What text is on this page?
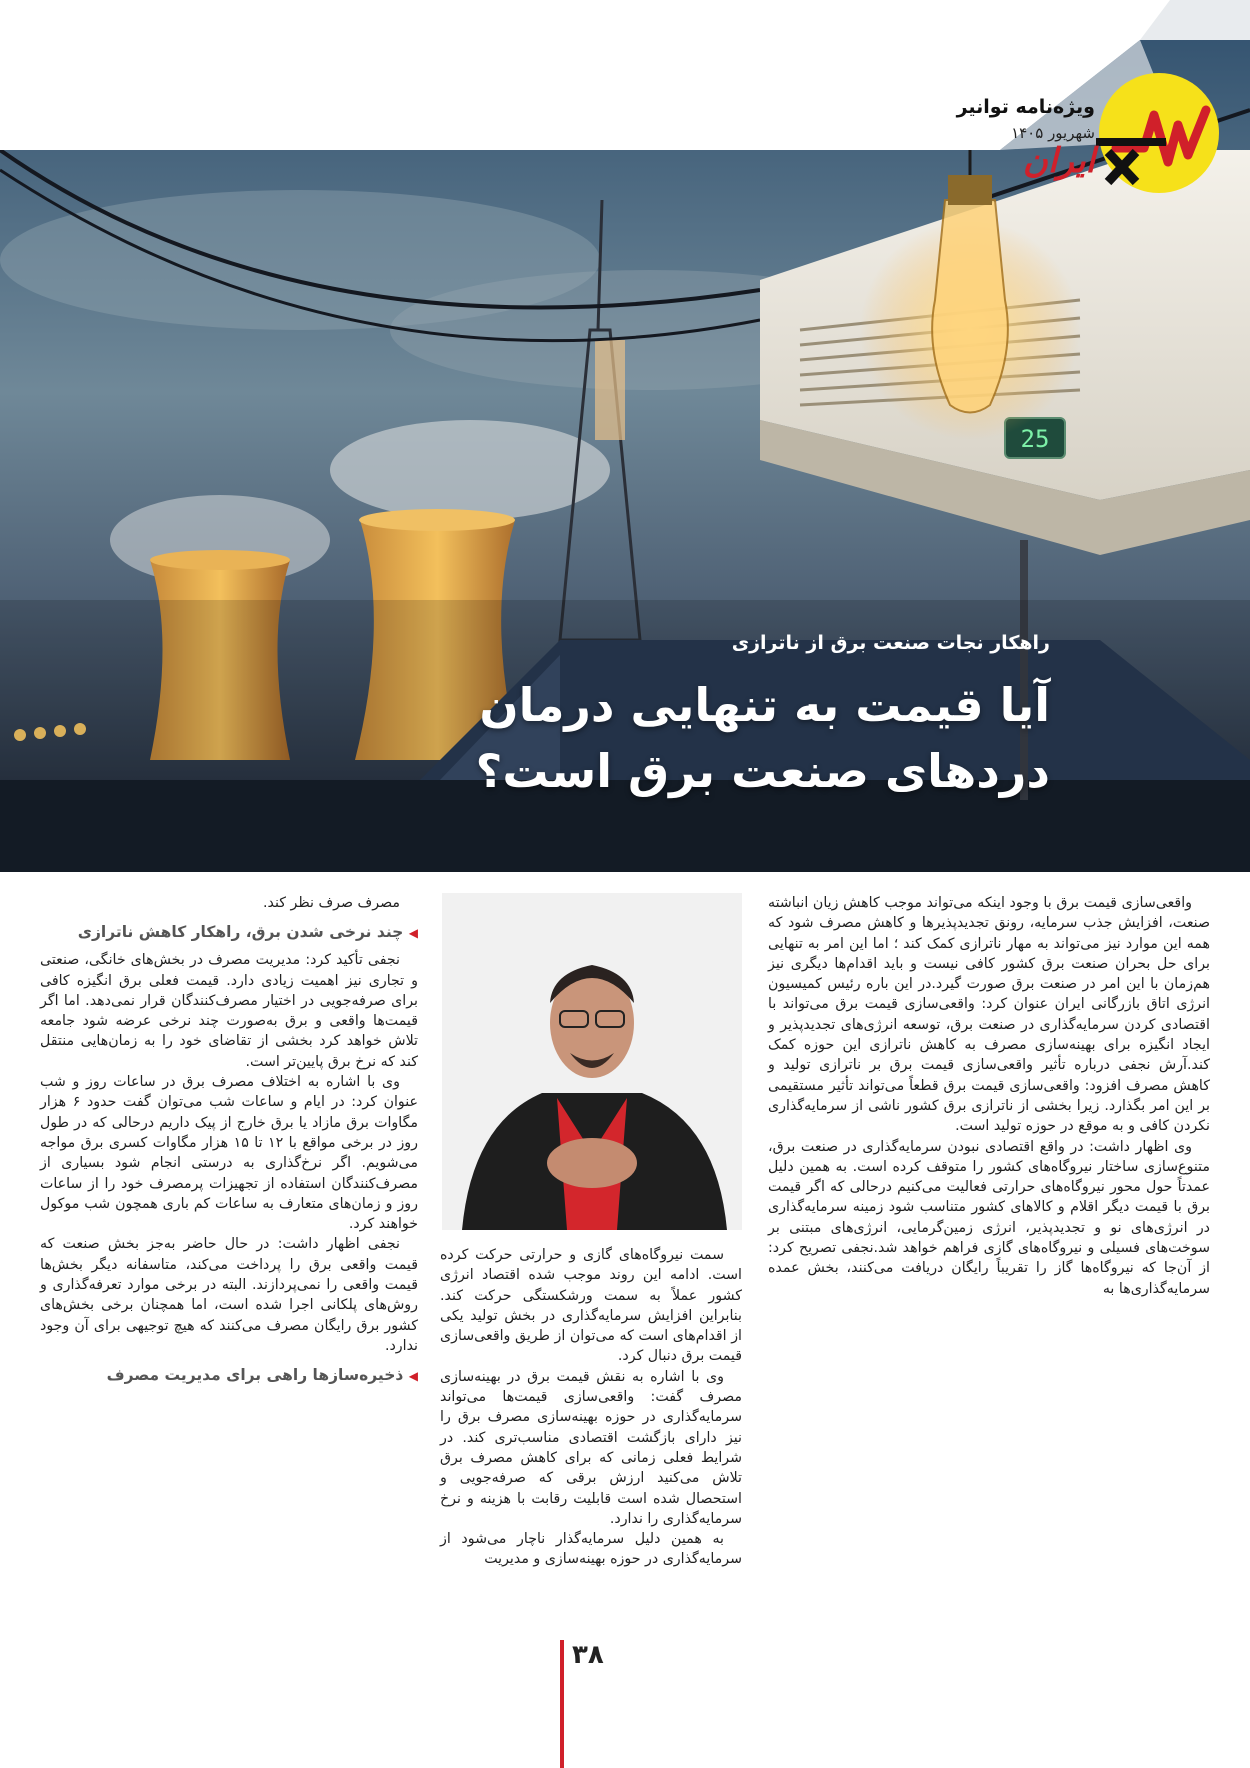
25
ویژه‌نامه توانیر
شهریور ۱۴۰۵
ایران
راهکار نجات صنعت برق از ناترازی
آیا قیمت به تنهایی درمان
دردهای صنعت برق است؟

واقعی‌سازی قیمت برق با وجود اینکه می‌تواند موجب کاهش زیان انباشته صنعت، افزایش جذب سرمایه، رونق تجدیدپذیرها و کاهش مصرف شود که همه این موارد نیز می‌تواند به مهار ناترازی کمک کند ؛ اما این امر به تنهایی برای حل بحران صنعت برق کشور کافی نیست و باید اقدام‌ها دیگری نیز هم‌زمان با این امر در صنعت برق صورت گیرد.در این باره رئیس کمیسیون انرژی اتاق بازرگانی ایران عنوان کرد: واقعی‌سازی قیمت برق می‌تواند با اقتصادی کردن سرمایه‌گذاری در صنعت برق، توسعه انرژی‌های تجدیدپذیر و ایجاد انگیزه برای بهینه‌سازی مصرف به کاهش ناترازی این حوزه کمک کند.آرش نجفی درباره تأثیر واقعی‌سازی قیمت برق بر ناترازی تولید و کاهش مصرف افزود: واقعی‌سازی قیمت برق قطعاً می‌تواند تأثیر مستقیمی بر این امر بگذارد. زیرا بخشی از ناترازی برق کشور ناشی از سرمایه‌گذاری نکردن کافی و به موقع در حوزه تولید است.

وی اظهار داشت: در واقع اقتصادی نبودن سرمایه‌گذاری در صنعت برق، متنوع‌سازی ساختار نیروگاه‌های کشور را متوقف کرده است. به همین دلیل عمدتاً حول محور نیروگاه‌های حرارتی فعالیت می‌کنیم درحالی که اگر قیمت برق با قیمت دیگر اقلام و کالاهای کشور متناسب شود زمینه سرمایه‌گذاری در انرژی‌های نو و تجدیدپذیر، انرژی زمین‌گرمایی، انرژی‌های مبتنی بر سوخت‌های فسیلی و نیروگاه‌های گازی فراهم خواهد شد.نجفی تصریح کرد: از آن‌جا که نیروگاه‌ها گاز را تقریباً رایگان دریافت می‌کنند، بخش عمده سرمایه‌گذاری‌ها به

سمت نیروگاه‌های گازی و حرارتی حرکت کرده است. ادامه این روند موجب شده اقتصاد انرژی کشور عملاً به سمت ورشکستگی حرکت کند. بنابراین افزایش سرمایه‌گذاری در بخش تولید یکی از اقدام‌های است که می‌توان از طریق واقعی‌سازی قیمت برق دنبال کرد.

وی با اشاره به نقش قیمت برق در بهینه‌سازی مصرف گفت: واقعی‌سازی قیمت‌ها می‌تواند سرمایه‌گذاری در حوزه بهینه‌سازی مصرف برق را نیز دارای بازگشت اقتصادی مناسب‌تری کند. در شرایط فعلی زمانی که برای کاهش مصرف برق تلاش می‌کنید ارزش برقی که صرفه‌جویی و استحصال شده است قابلیت رقابت با هزینه و نرخ سرمایه‌گذاری را ندارد.

به همین دلیل سرمایه‌گذار ناچار می‌شود از سرمایه‌گذاری در حوزه بهینه‌سازی و مدیریت

مصرف صرف نظر کند.

◀ چند نرخی شدن برق، راهکار کاهش ناترازی

نجفی تأکید کرد: مدیریت مصرف در بخش‌های خانگی، صنعتی و تجاری نیز اهمیت زیادی دارد. قیمت فعلی برق انگیزه کافی برای صرفه‌جویی در اختیار مصرف‌کنندگان قرار نمی‌دهد. اما اگر قیمت‌ها واقعی و برق به‌صورت چند نرخی عرضه شود جامعه تلاش خواهد کرد بخشی از تقاضای خود را به زمان‌هایی منتقل کند که نرخ برق پایین‌تر است.

وی با اشاره به اختلاف مصرف برق در ساعات روز و شب عنوان کرد: در ایام و ساعات شب می‌توان گفت حدود ۶ هزار مگاوات برق مازاد یا برق خارج از پیک داریم درحالی که در طول روز در برخی مواقع با ۱۲ تا ۱۵ هزار مگاوات کسری برق مواجه می‌شویم. اگر نرخ‌گذاری به درستی انجام شود بسیاری از مصرف‌کنندگان استفاده از تجهیزات پرمصرف خود را از ساعات روز و زمان‌های متعارف به ساعات کم باری همچون شب موکول خواهند کرد.

نجفی اظهار داشت: در حال حاضر به‌جز بخش صنعت که قیمت واقعی برق را پرداخت می‌کند، متاسفانه دیگر بخش‌ها قیمت واقعی را نمی‌پردازند. البته در برخی موارد تعرفه‌گذاری و روش‌های پلکانی اجرا شده است، اما همچنان برخی بخش‌های کشور برق رایگان مصرف می‌کنند که هیچ توجیهی برای آن وجود ندارد.

◀ ذخیره‌سازها راهی برای مدیریت مصرف
۳۸
